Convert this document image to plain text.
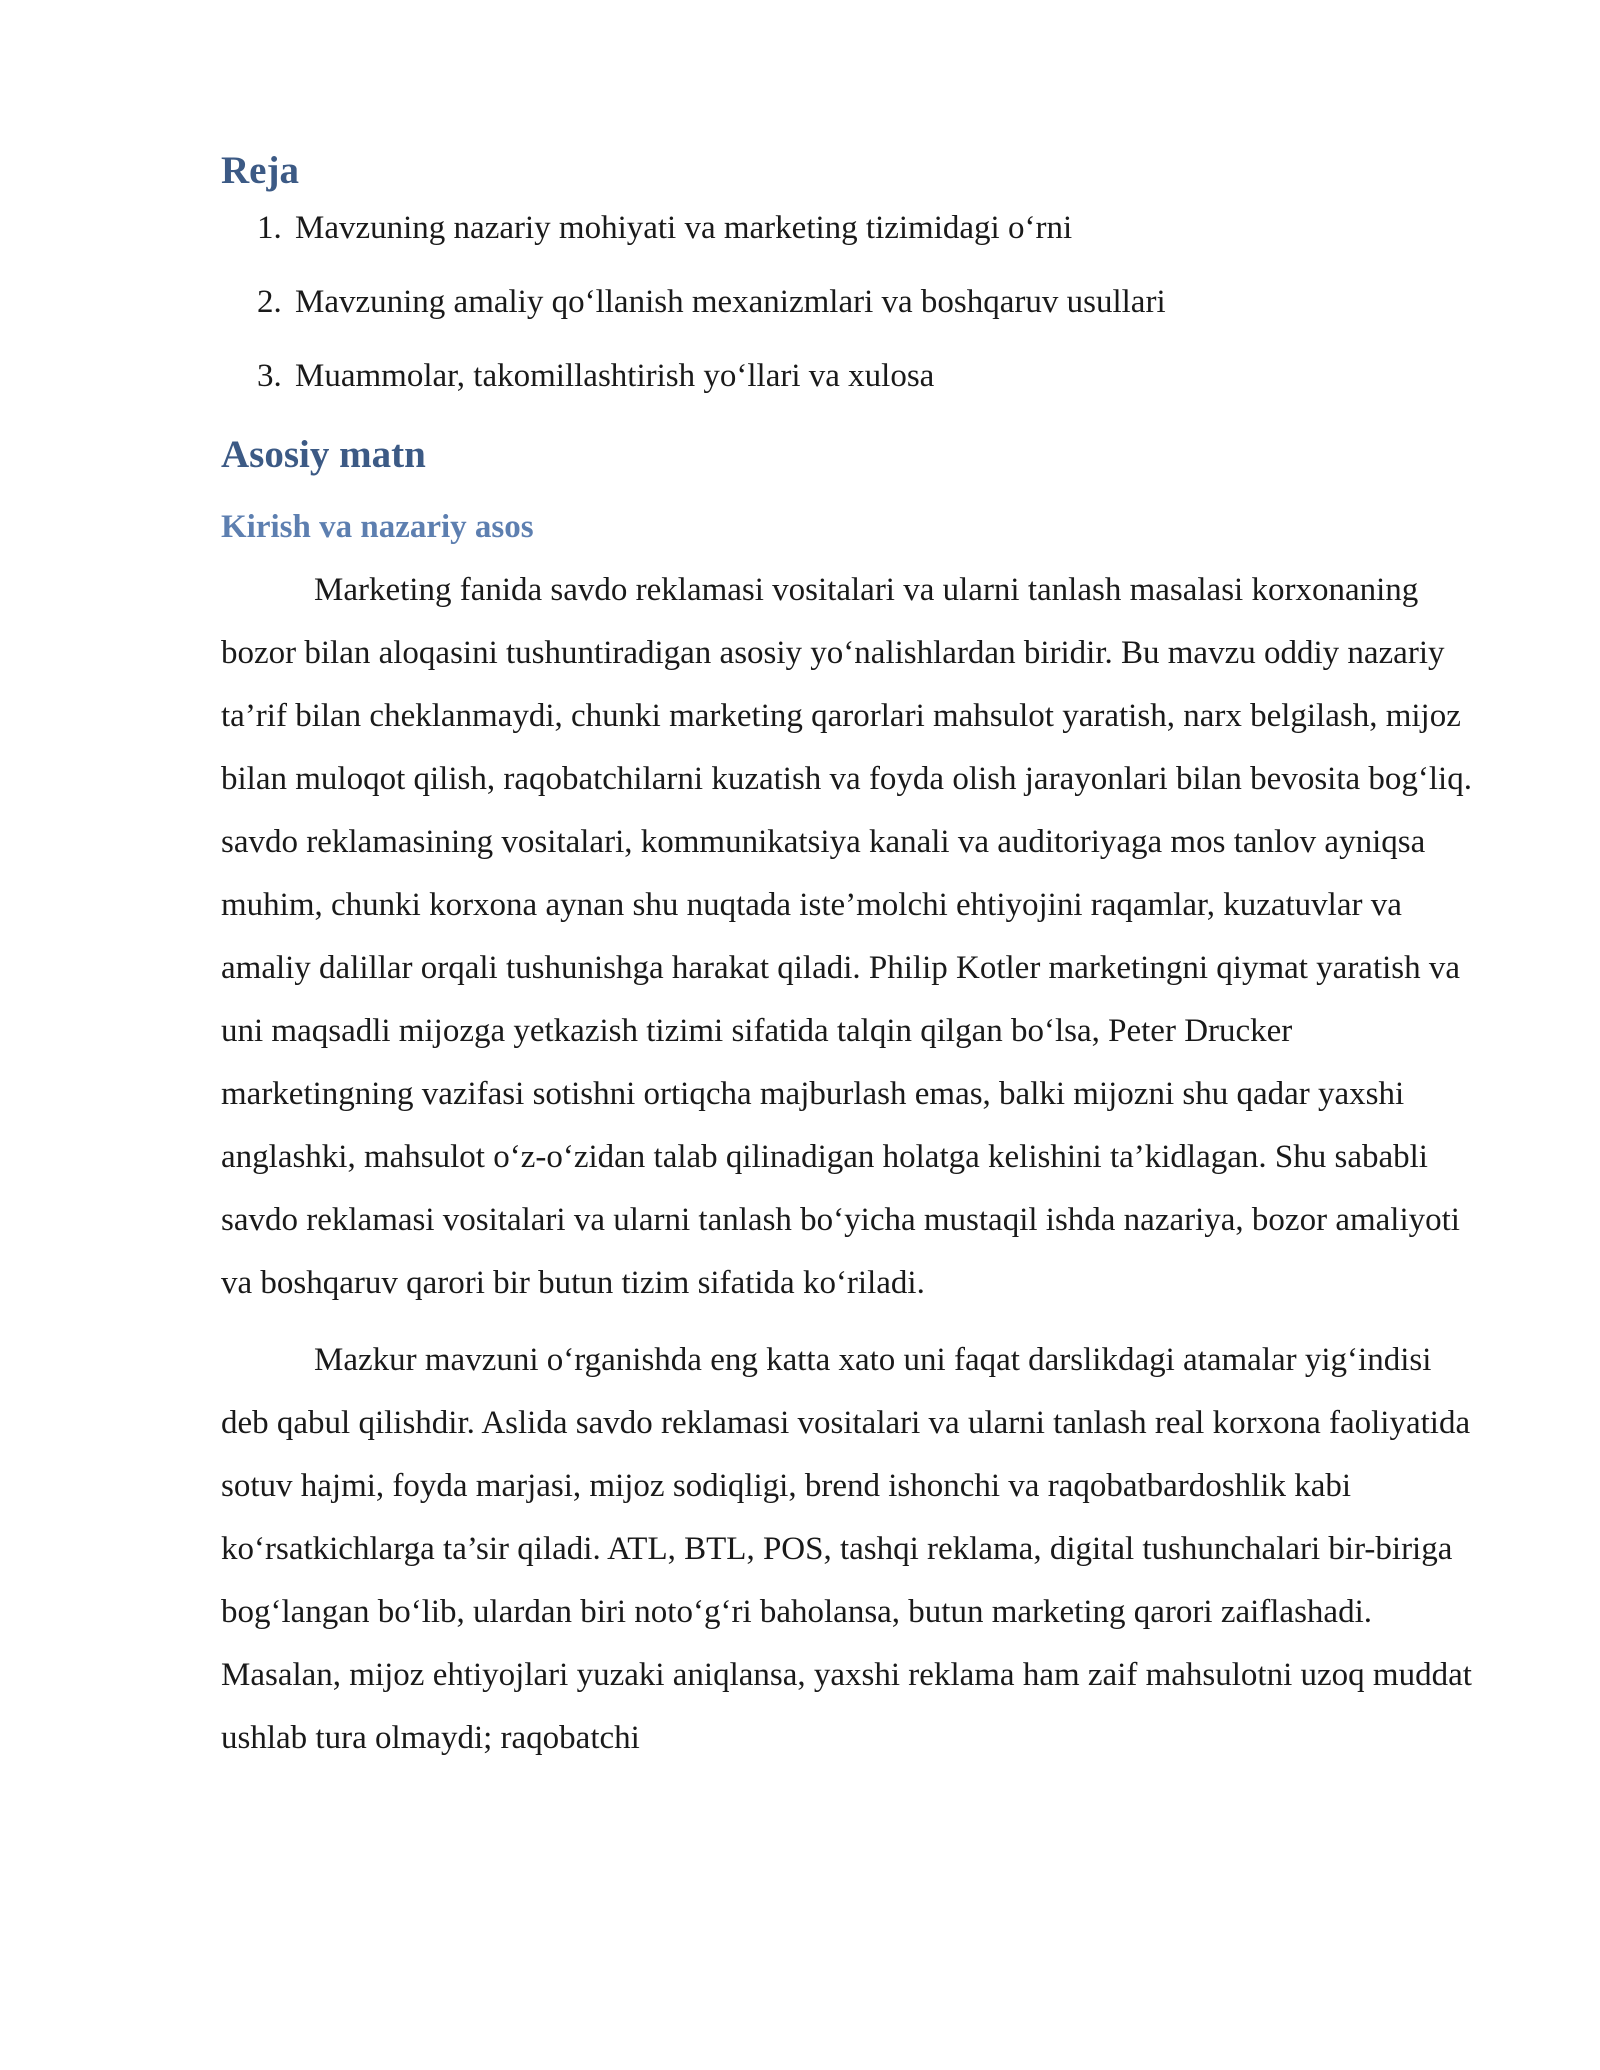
Reja
1. Mavzuning nazariy mohiyati va marketing tizimidagi o‘rni
2. Mavzuning amaliy qo‘llanish mexanizmlari va boshqaruv usullari
3. Muammolar, takomillashtirish yo‘llari va xulosa
Asosiy matn
Kirish va nazariy asos

Marketing fanida savdo reklamasi vositalari va ularni tanlash masalasi korxonaning bozor bilan aloqasini tushuntiradigan asosiy yo‘nalishlardan biridir. Bu mavzu oddiy nazariy ta’rif bilan cheklanmaydi, chunki marketing qarorlari mahsulot yaratish, narx belgilash, mijoz bilan muloqot qilish, raqobatchilarni kuzatish va foyda olish jarayonlari bilan bevosita bog‘liq. savdo reklamasining vositalari, kommunikatsiya kanali va auditoriyaga mos tanlov ayniqsa muhim, chunki korxona aynan shu nuqtada iste’molchi ehtiyojini raqamlar, kuzatuvlar va amaliy dalillar orqali tushunishga harakat qiladi. Philip Kotler marketingni qiymat yaratish va uni maqsadli mijozga yetkazish tizimi sifatida talqin qilgan bo‘lsa, Peter Drucker marketingning vazifasi sotishni ortiqcha majburlash emas, balki mijozni shu qadar yaxshi anglashki, mahsulot o‘z-o‘zidan talab qilinadigan holatga kelishini ta’kidlagan. Shu sababli savdo reklamasi vositalari va ularni tanlash bo‘yicha mustaqil ishda nazariya, bozor amaliyoti va boshqaruv qarori bir butun tizim sifatida ko‘riladi.

Mazkur mavzuni o‘rganishda eng katta xato uni faqat darslikdagi atamalar yig‘indisi deb qabul qilishdir. Aslida savdo reklamasi vositalari va ularni tanlash real korxona faoliyatida sotuv hajmi, foyda marjasi, mijoz sodiqligi, brend ishonchi va raqobatbardoshlik kabi ko‘rsatkichlarga ta’sir qiladi. ATL, BTL, POS, tashqi reklama, digital tushunchalari bir-biriga bog‘langan bo‘lib, ulardan biri noto‘g‘ri baholansa, butun marketing qarori zaiflashadi. Masalan, mijoz ehtiyojlari yuzaki aniqlansa, yaxshi reklama ham zaif mahsulotni uzoq muddat ushlab tura olmaydi; raqobatchi
